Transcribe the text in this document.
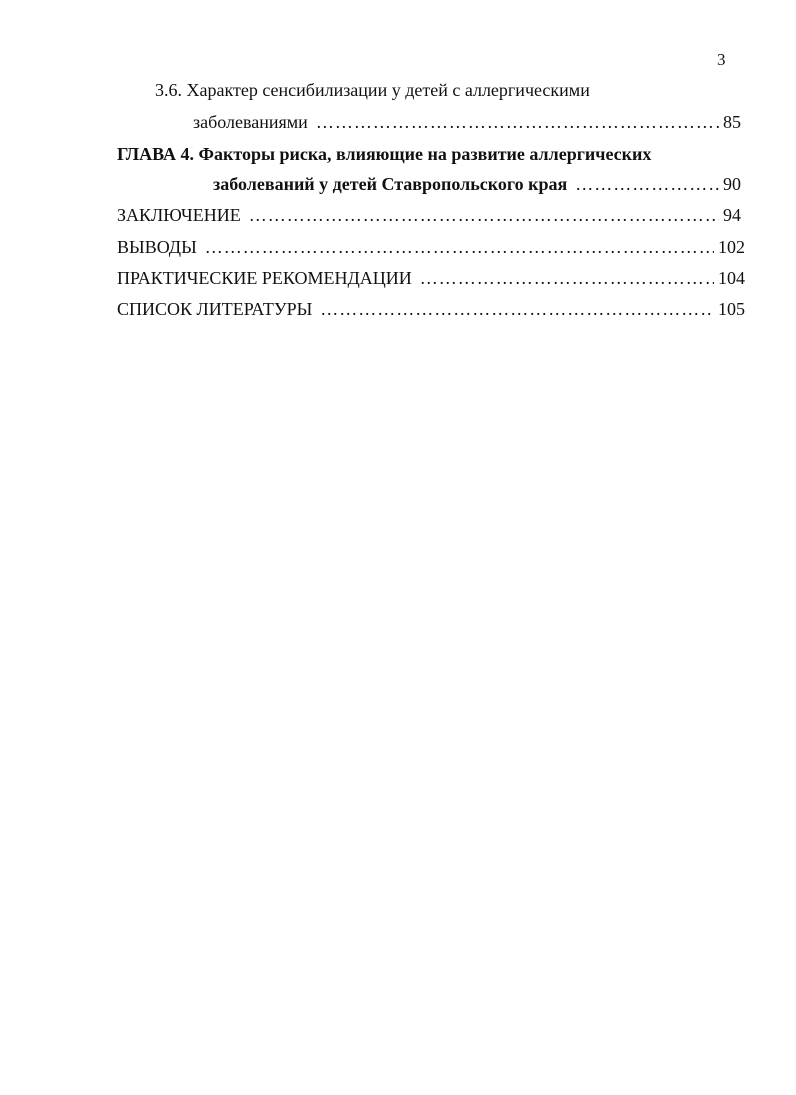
3
3.6. Характер сенсибилизации у детей с аллергическими
заболеваниями …………………………………………………………………………………………………………………………………………………	85
ГЛАВА 4. Факторы риска, влияющие на развитие аллергических
заболеваний у детей Ставропольского края …………………………………………………………………………………………………………………………………………………	90
ЗАКЛЮЧЕНИЕ …………………………………………………………………………………………………………………………………………………	94
ВЫВОДЫ …………………………………………………………………………………………………………………………………………………	102
ПРАКТИЧЕСКИЕ РЕКОМЕНДАЦИИ …………………………………………………………………………………………………………………………………………………	104
СПИСОК ЛИТЕРАТУРЫ …………………………………………………………………………………………………………………………………………………	105
